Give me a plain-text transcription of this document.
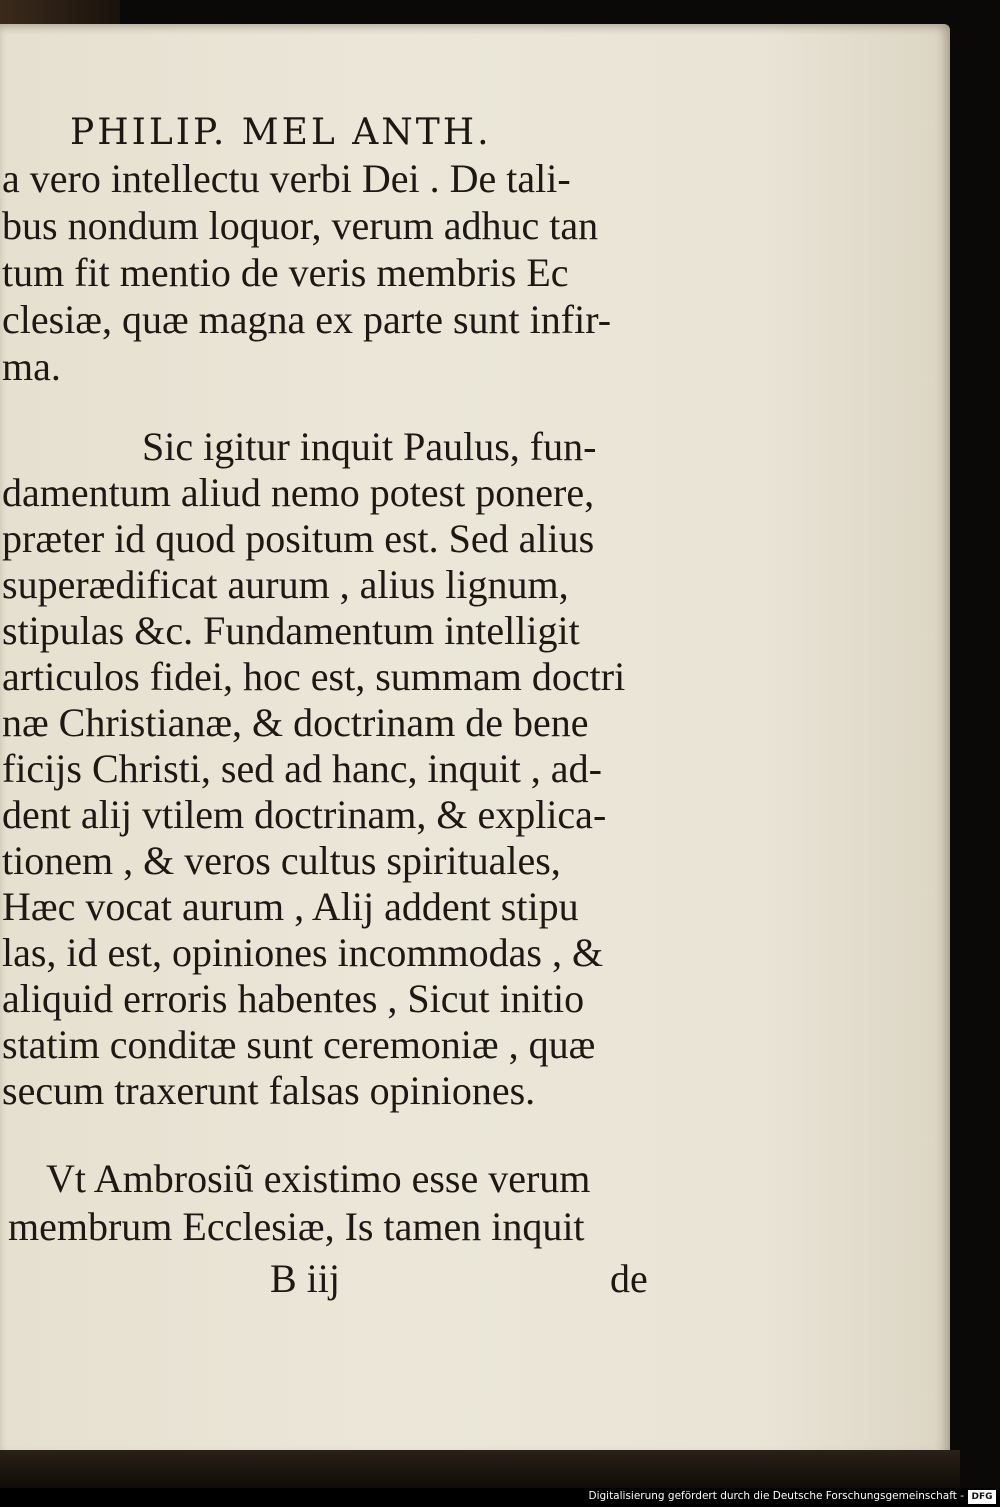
PHILIP. MEL ANTH.
a vero intellectu verbi Dei . De tali-
bus nondum loquor, verum adhuc tan
tum fit mentio de veris membris Ec
clesiæ, quæ magna ex parte sunt infir-
ma.
Sic igitur inquit Paulus, fun-
damentum aliud nemo potest ponere,
præter id quod positum est. Sed alius
superædificat aurum , alius lignum,
stipulas &c. Fundamentum intelligit
articulos fidei, hoc est, summam doctri
næ Christianæ, & doctrinam de bene
ficijs Christi, sed ad hanc, inquit , ad-
dent alij vtilem doctrinam, & explica-
tionem , & veros cultus spirituales,
Hæc vocat aurum , Alij addent stipu
las, id est, opiniones incommodas , &
aliquid erroris habentes , Sicut initio
statim conditæ sunt ceremoniæ , quæ
secum traxerunt falsas opiniones.
Vt Ambrosiũ existimo esse verum
membrum Ecclesiæ, Is tamen inquit
B iij	de
Digitalisierung gefördert durch die Deutsche Forschungsgemeinschaft - DFG
